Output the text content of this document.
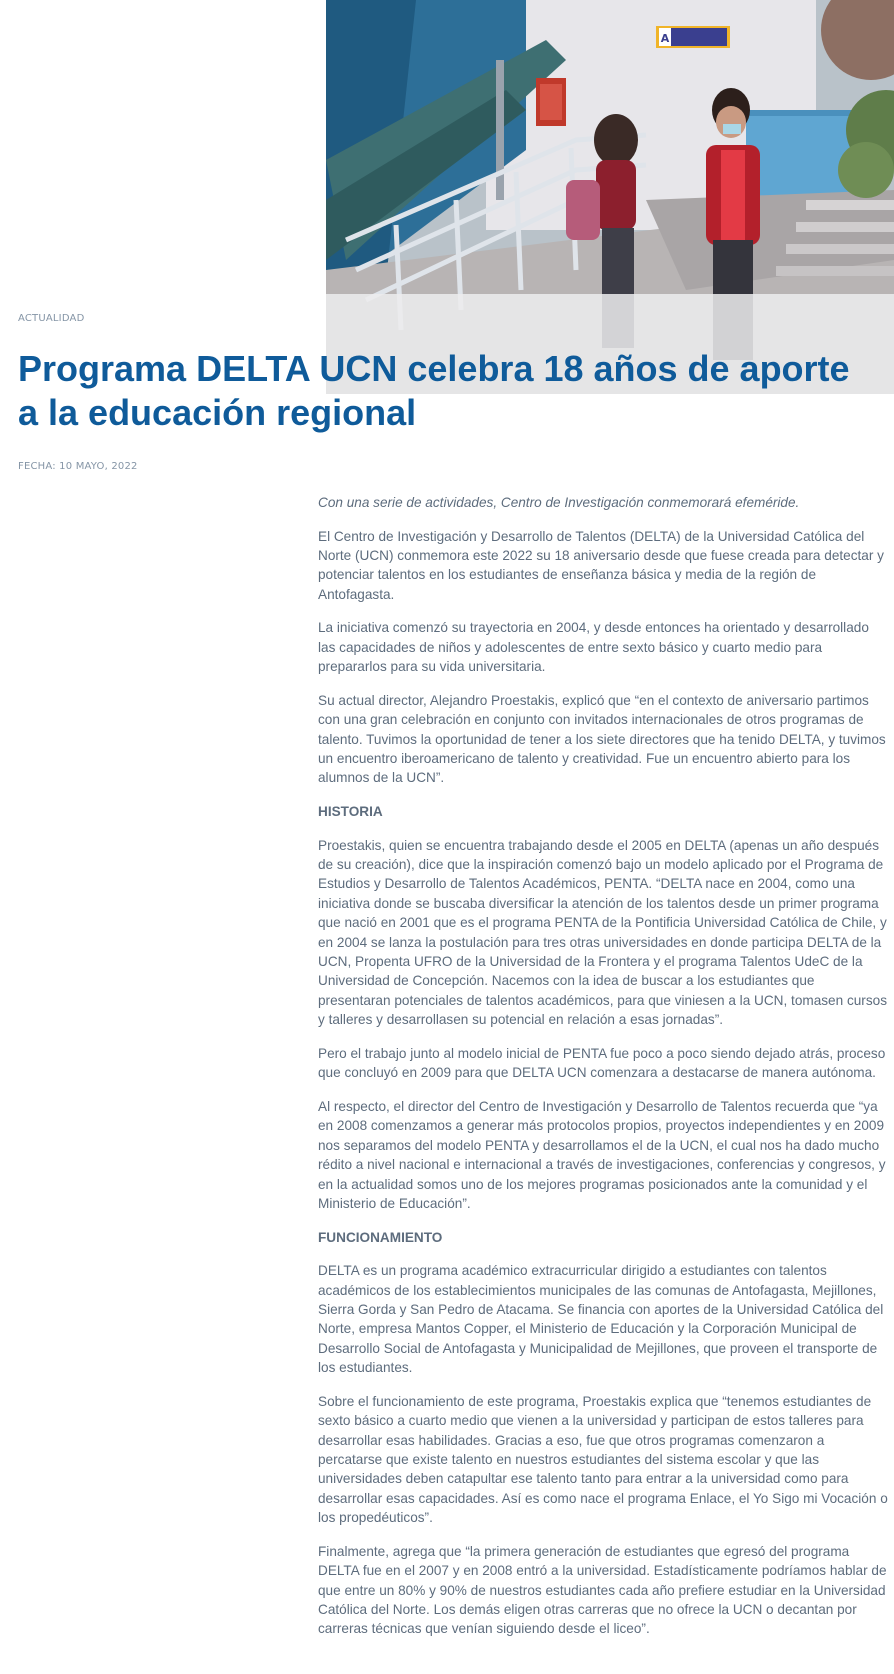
A
ACTUALIDAD
Programa DELTA UCN celebra 18 años de aporte a la educación regional
FECHA: 10 MAYO, 2022

Con una serie de actividades, Centro de Investigación conmemorará efeméride.

El Centro de Investigación y Desarrollo de Talentos (DELTA) de la Universidad Católica del Norte (UCN) conmemora este 2022 su 18 aniversario desde que fuese creada para detectar y potenciar talentos en los estudiantes de enseñanza básica y media de la región de Antofagasta.

La iniciativa comenzó su trayectoria en 2004, y desde entonces ha orientado y desarrollado las capacidades de niños y adolescentes de entre sexto básico y cuarto medio para prepararlos para su vida universitaria.

Su actual director, Alejandro Proestakis, explicó que “en el contexto de aniversario partimos con una gran celebración en conjunto con invitados internacionales de otros programas de talento. Tuvimos la oportunidad de tener a los siete directores que ha tenido DELTA, y tuvimos un encuentro iberoamericano de talento y creatividad. Fue un encuentro abierto para los alumnos de la UCN”.

HISTORIA

Proestakis, quien se encuentra trabajando desde el 2005 en DELTA (apenas un año después de su creación), dice que la inspiración comenzó bajo un modelo aplicado por el Programa de Estudios y Desarrollo de Talentos Académicos, PENTA. “DELTA nace en 2004, como una iniciativa donde se buscaba diversificar la atención de los talentos desde un primer programa que nació en 2001 que es el programa PENTA de la Pontificia Universidad Católica de Chile, y en 2004 se lanza la postulación para tres otras universidades en donde participa DELTA de la UCN, Propenta UFRO de la Universidad de la Frontera y el programa Talentos UdeC de la Universidad de Concepción. Nacemos con la idea de buscar a los estudiantes que presentaran potenciales de talentos académicos, para que viniesen a la UCN, tomasen cursos y talleres y desarrollasen su potencial en relación a esas jornadas”.

Pero el trabajo junto al modelo inicial de PENTA fue poco a poco siendo dejado atrás, proceso que concluyó en 2009 para que DELTA UCN comenzara a destacarse de manera autónoma.

Al respecto, el director del Centro de Investigación y Desarrollo de Talentos recuerda que “ya en 2008 comenzamos a generar más protocolos propios, proyectos independientes y en 2009 nos separamos del modelo PENTA y desarrollamos el de la UCN, el cual nos ha dado mucho rédito a nivel nacional e internacional a través de investigaciones, conferencias y congresos, y en la actualidad somos uno de los mejores programas posicionados ante la comunidad y el Ministerio de Educación”.

FUNCIONAMIENTO

DELTA es un programa académico extracurricular dirigido a estudiantes con talentos académicos de los establecimientos municipales de las comunas de Antofagasta, Mejillones, Sierra Gorda y San Pedro de Atacama. Se financia con aportes de la Universidad Católica del Norte, empresa Mantos Copper, el Ministerio de Educación y la Corporación Municipal de Desarrollo Social de Antofagasta y Municipalidad de Mejillones, que proveen el transporte de los estudiantes.

Sobre el funcionamiento de este programa, Proestakis explica que “tenemos estudiantes de sexto básico a cuarto medio que vienen a la universidad y participan de estos talleres para desarrollar esas habilidades. Gracias a eso, fue que otros programas comenzaron a percatarse que existe talento en nuestros estudiantes del sistema escolar y que las universidades deben catapultar ese talento tanto para entrar a la universidad como para desarrollar esas capacidades. Así es como nace el programa Enlace, el Yo Sigo mi Vocación o los propedéuticos”.

Finalmente, agrega que “la primera generación de estudiantes que egresó del programa DELTA fue en el 2007 y en 2008 entró a la universidad. Estadísticamente podríamos hablar de que entre un 80% y 90% de nuestros estudiantes cada año prefiere estudiar en la Universidad Católica del Norte. Los demás eligen otras carreras que no ofrece la UCN o decantan por carreras técnicas que venían siguiendo desde el liceo”.
